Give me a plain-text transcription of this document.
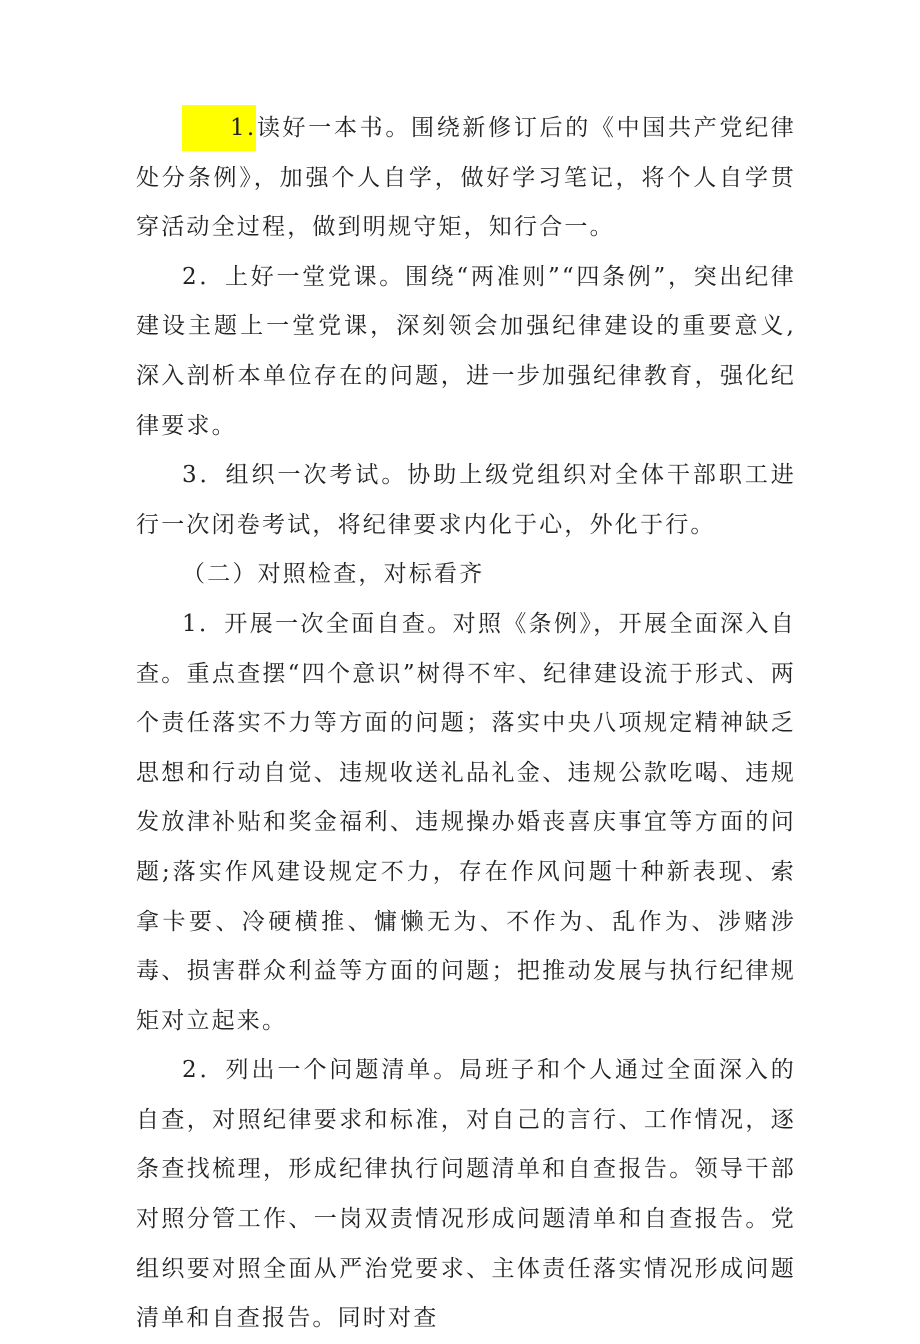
1.读好一本书。围绕新修订后的《中国共产党纪律处分条例》，加强个人自学，做好学习笔记，将个人自学贯穿活动全过程，做到明规守矩，知行合一。

2．上好一堂党课。围绕“两准则”“四条例”，突出纪律建设主题上一堂党课，深刻领会加强纪律建设的重要意义,深入剖析本单位存在的问题，进一步加强纪律教育，强化纪律要求。

3．组织一次考试。协助上级党组织对全体干部职工进行一次闭卷考试，将纪律要求内化于心，外化于行。

（二）对照检查，对标看齐

1．开展一次全面自查。对照《条例》，开展全面深入自查。重点查摆“四个意识”树得不牢、纪律建设流于形式、两个责任落实不力等方面的问题；落实中央八项规定精神缺乏思想和行动自觉、违规收送礼品礼金、违规公款吃喝、违规发放津补贴和奖金福利、违规操办婚丧喜庆事宜等方面的问题;落实作风建设规定不力，存在作风问题十种新表现、索拿卡要、冷硬横推、慵懒无为、不作为、乱作为、涉赌涉毒、损害群众利益等方面的问题；把推动发展与执行纪律规矩对立起来。

2．列出一个问题清单。局班子和个人通过全面深入的自查，对照纪律要求和标准，对自己的言行、工作情况，逐条查找梳理，形成纪律执行问题清单和自查报告。领导干部对照分管工作、一岗双责情况形成问题清单和自查报告。党组织要对照全面从严治党要求、主体责任落实情况形成问题清单和自查报告。同时对查
